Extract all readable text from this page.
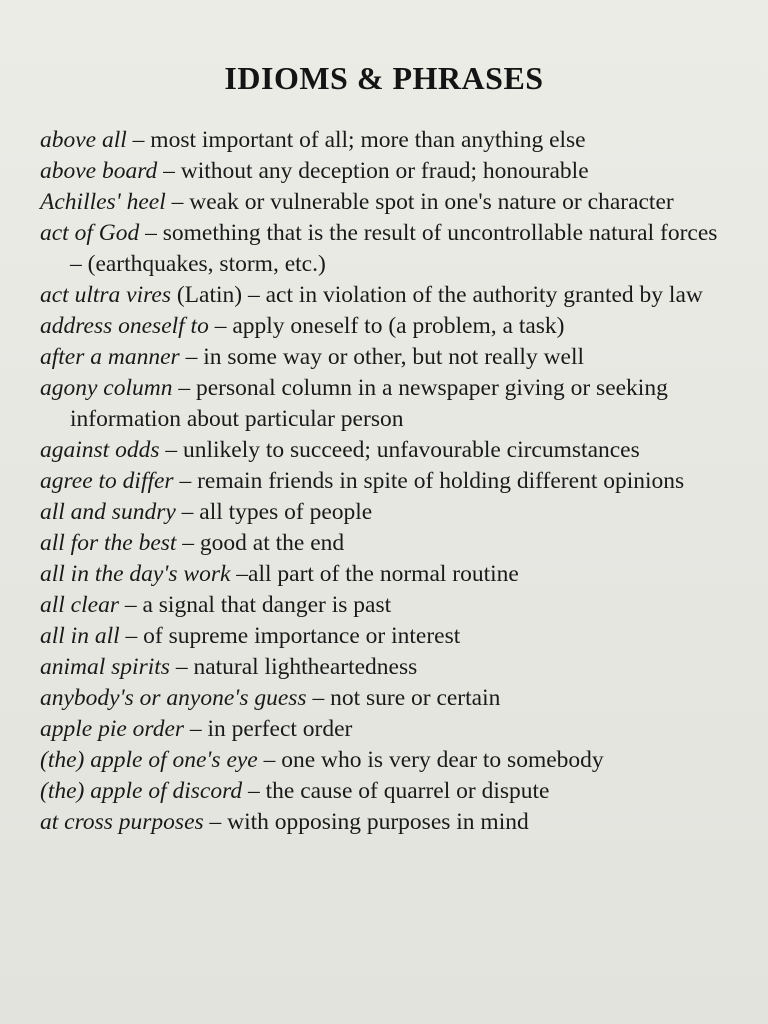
IDIOMS & PHRASES

above all – most important of all; more than anything else

above board – without any deception or fraud; honourable

Achilles' heel – weak or vulnerable spot in one's nature or character

act of God – something that is the result of uncontrollable natural forces – (earthquakes, storm, etc.)

act ultra vires (Latin) – act in violation of the authority granted by law

address oneself to – apply oneself to (a problem, a task)

after a manner – in some way or other, but not really well

agony column – personal column in a newspaper giving or seeking information about particular person

against odds – unlikely to succeed; unfavourable circumstances

agree to differ – remain friends in spite of holding different opinions

all and sundry – all types of people

all for the best – good at the end

all in the day's work –all part of the normal routine

all clear – a signal that danger is past

all in all – of supreme importance or interest

animal spirits – natural lightheartedness

anybody's or anyone's guess – not sure or certain

apple pie order – in perfect order

(the) apple of one's eye – one who is very dear to somebody

(the) apple of discord – the cause of quarrel or dispute

at cross purposes – with opposing purposes in mind
